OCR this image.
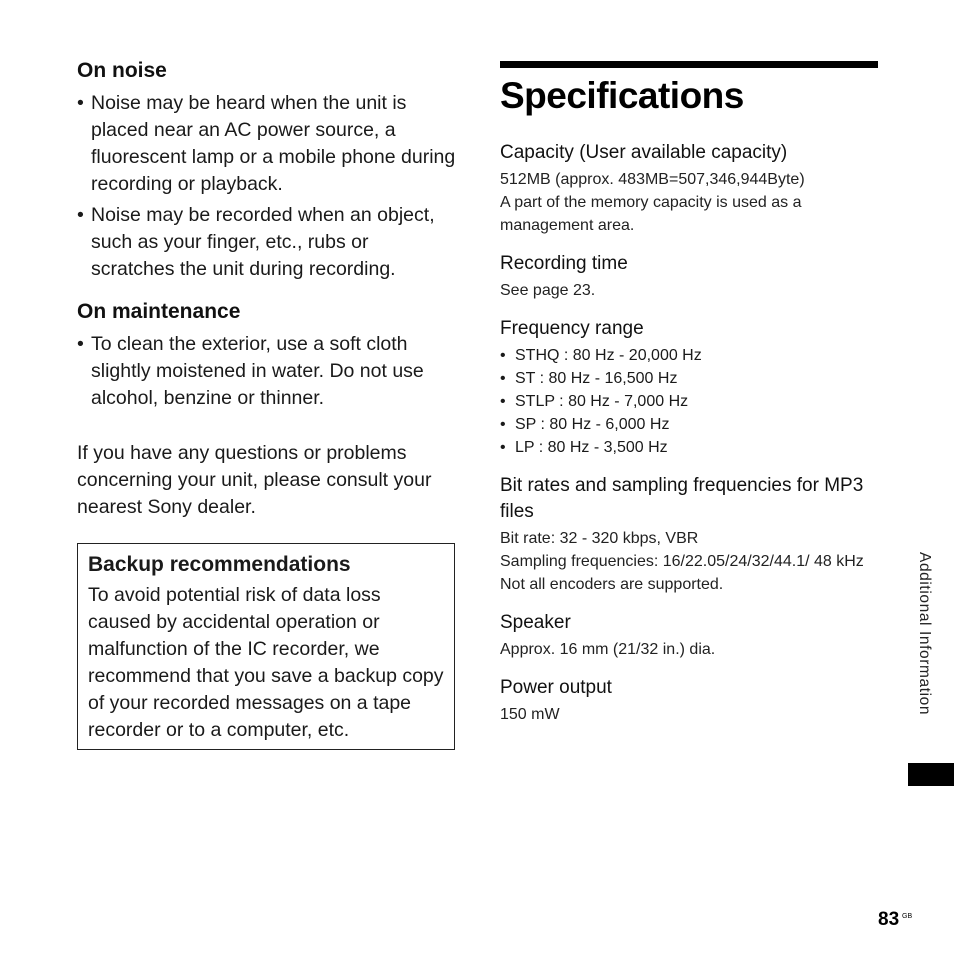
On noise
• Noise may be heard when the unit is placed near an AC power source, a fluorescent lamp or a mobile phone during recording or playback.
• Noise may be recorded when an object, such as your finger, etc., rubs or scratches the unit during recording.
On maintenance
• To clean the exterior, use a soft cloth slightly moistened in water. Do not use alcohol, benzine or thinner.

If you have any questions or problems concerning your unit, please consult your nearest Sony dealer.

Backup recommendations

To avoid potential risk of data loss caused by accidental operation or malfunction of the IC recorder, we recommend that you save a backup copy of your recorded messages on a tape recorder or to a computer, etc.

Specifications
Capacity (User available capacity)
512MB (approx. 483MB=507,346,944Byte)
A part of the memory capacity is used as a management area.
Recording time
See page 23.
Frequency range
• STHQ : 80 Hz - 20,000 Hz
• ST : 80 Hz - 16,500 Hz
• STLP : 80 Hz - 7,000 Hz
• SP : 80 Hz - 6,000 Hz
• LP : 80 Hz - 3,500 Hz
Bit rates and sampling frequencies for MP3 files
Bit rate: 32 - 320 kbps, VBR
Sampling frequencies: 16/22.05/24/32/44.1/ 48 kHz
Not all encoders are supported.
Speaker
Approx. 16 mm (21/32 in.) dia.
Power output
150 mW	Additional Information
83 GB
